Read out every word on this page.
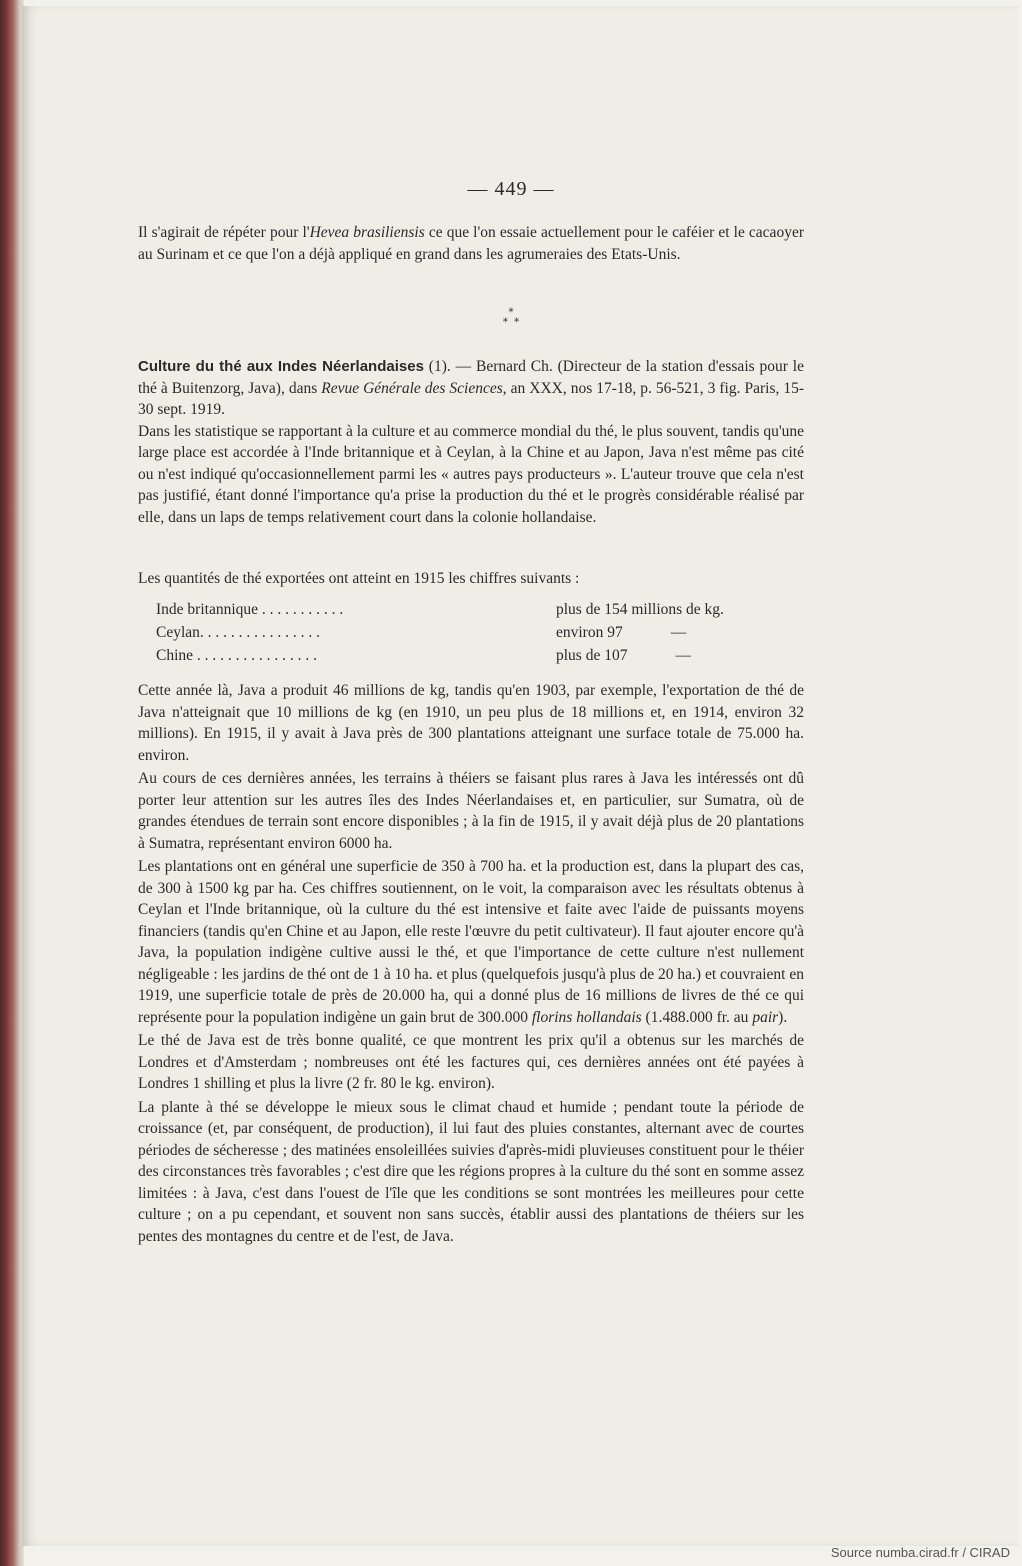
— 449 —

Il s'agirait de répéter pour l'Hevea brasiliensis ce que l'on essaie actuellement pour le caféier et le cacaoyer au Surinam et ce que l'on a déjà appliqué en grand dans les agrumeraies des Etats-Unis.

*
*  *

Culture du thé aux Indes Néerlandaises (1). — Bernard Ch. (Directeur de la station d'essais pour le thé à Buitenzorg, Java), dans Revue Générale des Sciences, an XXX, nos 17-18, p. 56-521, 3 fig. Paris, 15-30 sept. 1919.

Dans les statistique se rapportant à la culture et au commerce mondial du thé, le plus souvent, tandis qu'une large place est accordée à l'Inde britannique et à Ceylan, à la Chine et au Japon, Java n'est même pas cité ou n'est indiqué qu'occasionnellement parmi les « autres pays producteurs ». L'auteur trouve que cela n'est pas justifié, étant donné l'importance qu'a prise la production du thé et le progrès considérable réalisé par elle, dans un laps de temps relativement court dans la colonie hollandaise.

Les quantités de thé exportées ont atteint en 1915 les chiffres suivants :
Inde britannique . . . . . . . . . . .	plus de 154 millions de kg.
Ceylan. . . . . . . . . . . . . . . .	environ 97 —
Chine . . . . . . . . . . . . . . . .	plus de 107 —

Cette année là, Java a produit 46 millions de kg, tandis qu'en 1903, par exemple, l'exportation de thé de Java n'atteignait que 10 millions de kg (en 1910, un peu plus de 18 millions et, en 1914, environ 32 millions). En 1915, il y avait à Java près de 300 plantations atteignant une surface totale de 75.000 ha. environ.

Au cours de ces dernières années, les terrains à théiers se faisant plus rares à Java les intéressés ont dû porter leur attention sur les autres îles des Indes Néerlandaises et, en particulier, sur Sumatra, où de grandes étendues de terrain sont encore disponibles ; à la fin de 1915, il y avait déjà plus de 20 plantations à Sumatra, représentant environ 6000 ha.

Les plantations ont en général une superficie de 350 à 700 ha. et la production est, dans la plupart des cas, de 300 à 1500 kg par ha. Ces chiffres soutiennent, on le voit, la comparaison avec les résultats obtenus à Ceylan et l'Inde britannique, où la culture du thé est intensive et faite avec l'aide de puissants moyens financiers (tandis qu'en Chine et au Japon, elle reste l'œuvre du petit cultivateur). Il faut ajouter encore qu'à Java, la population indigène cultive aussi le thé, et que l'importance de cette culture n'est nullement négligeable : les jardins de thé ont de 1 à 10 ha. et plus (quelquefois jusqu'à plus de 20 ha.) et couvraient en 1919, une superficie totale de près de 20.000 ha, qui a donné plus de 16 millions de livres de thé ce qui représente pour la population indigène un gain brut de 300.000 florins hollandais (1.488.000 fr. au pair).

Le thé de Java est de très bonne qualité, ce que montrent les prix qu'il a obtenus sur les marchés de Londres et d'Amsterdam ; nombreuses ont été les factures qui, ces dernières années ont été payées à Londres 1 shilling et plus la livre (2 fr. 80 le kg. environ).

La plante à thé se développe le mieux sous le climat chaud et humide ; pendant toute la période de croissance (et, par conséquent, de production), il lui faut des pluies constantes, alternant avec de courtes périodes de sécheresse ; des matinées ensoleillées suivies d'après-midi pluvieuses constituent pour le théier des circonstances très favorables ; c'est dire que les régions propres à la culture du thé sont en somme assez limitées : à Java, c'est dans l'ouest de l'île que les conditions se sont montrées les meilleures pour cette culture ; on a pu cependant, et souvent non sans succès, établir aussi des plantations de théiers sur les pentes des montagnes du centre et de l'est, de Java.

Source numba.cirad.fr / CIRAD
